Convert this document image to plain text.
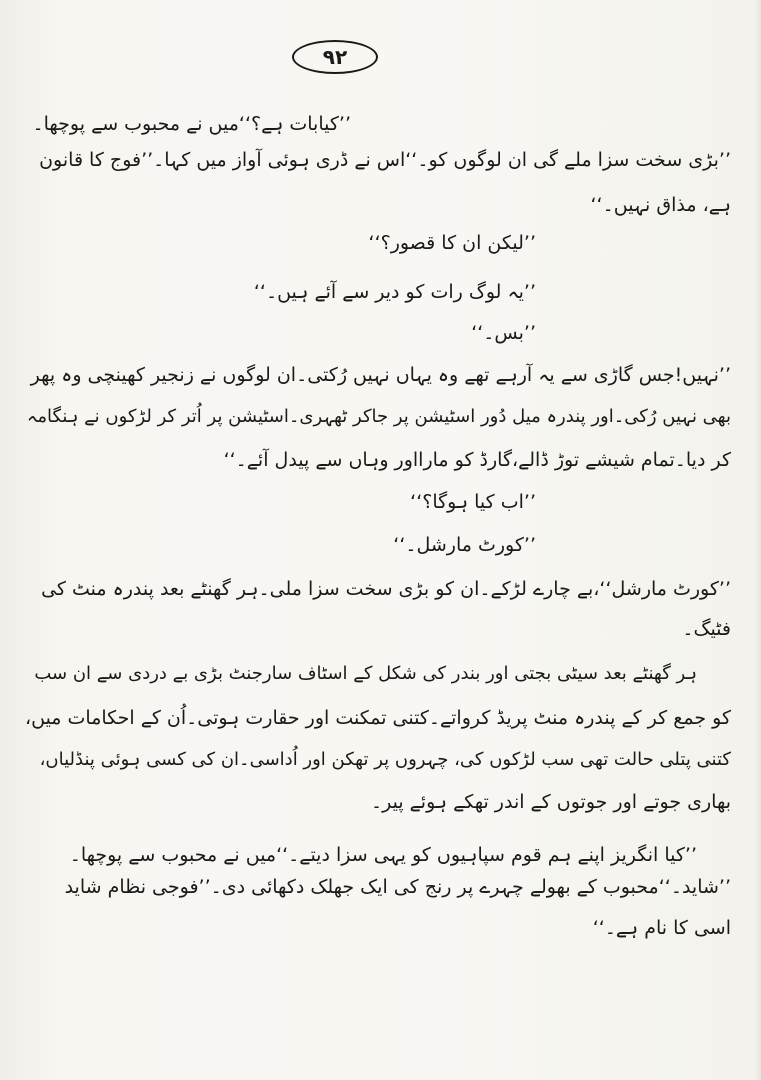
۹۲
’’کیابات ہے؟‘‘میں نے محبوب سے پوچھا۔
’’بڑی سخت سزا ملے گی ان لوگوں کو۔‘‘اس نے ڈری ہوئی آواز میں کہا۔’’فوج کا قانون
ہے، مذاق نہیں۔‘‘
’’لیکن ان کا قصور؟‘‘
’’یہ لوگ رات کو دیر سے آئے ہیں۔‘‘
’’بس۔‘‘
’’نہیں!جس گاڑی سے یہ آرہے تھے وہ یہاں نہیں رُکتی۔ان لوگوں نے زنجیر کھینچی وہ پھر
بھی نہیں رُکی۔اور پندرہ میل دُور اسٹیشن پر جاکر ٹھہری۔اسٹیشن پر اُتر کر لڑکوں نے ہنگامہ
کر دیا۔تمام شیشے توڑ ڈالے،گارڈ کو مارااور وہاں سے پیدل آئے۔‘‘
’’اب کیا ہوگا؟‘‘
’’کورٹ مارشل۔‘‘
’’کورٹ مارشل‘‘،بے چارے لڑکے۔ان کو بڑی سخت سزا ملی۔ہر گھنٹے بعد پندرہ منٹ کی
فٹیگ۔
ہر گھنٹے بعد سیٹی بجتی اور بندر کی شکل کے اسٹاف سارجنٹ بڑی بے دردی سے ان سب
کو جمع کر کے پندرہ منٹ پریڈ کرواتے۔کتنی تمکنت اور حقارت ہوتی۔اُن کے احکامات میں،
کتنی پتلی حالت تھی سب لڑکوں کی، چہروں پر تھکن اور اُداسی۔ان کی کسی ہوئی پنڈلیاں،
بھاری جوتے اور جوتوں کے اندر تھکے ہوئے پیر۔
’’کیا انگریز اپنے ہم قوم سپاہیوں کو یہی سزا دیتے۔‘‘میں نے محبوب سے پوچھا۔
’’شاید۔‘‘محبوب کے بھولے چہرے پر رنج کی ایک جھلک دکھائی دی۔’’فوجی نظام شاید
اسی کا نام ہے۔‘‘
